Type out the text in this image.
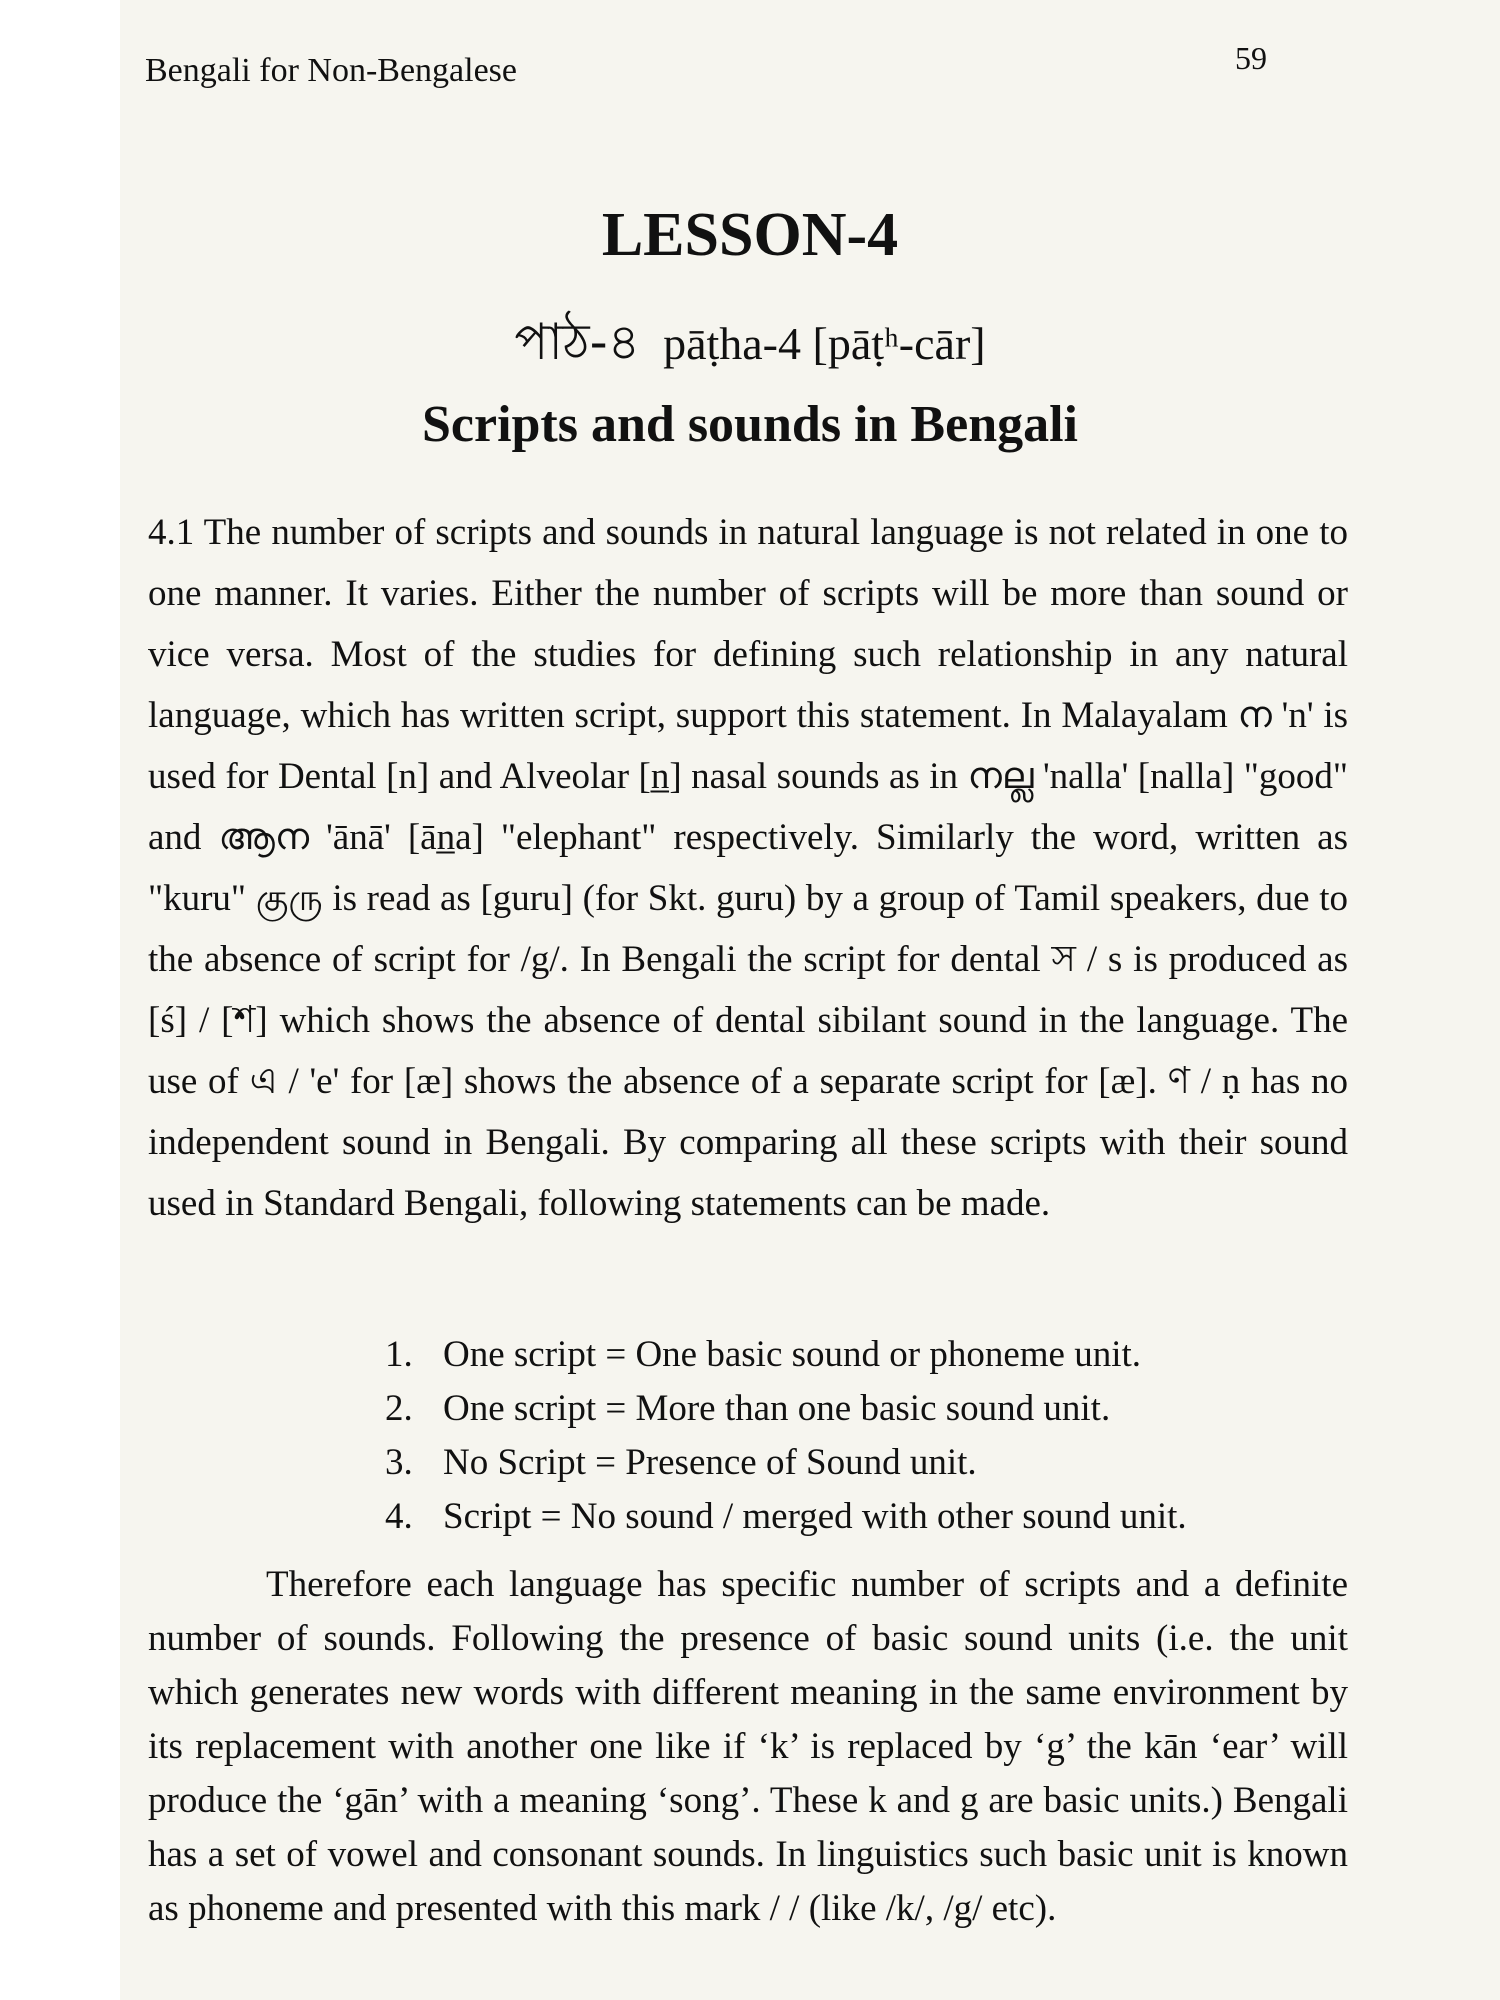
Bengali for Non-Bengalese	59
LESSON-4
পাঠ-৪ pāṭha-4 [pāṭʰ-cār]
Scripts and sounds in Bengali

4.1 The number of scripts and sounds in natural language is not related in one to one manner. It varies. Either the number of scripts will be more than sound or vice versa. Most of the studies for defining such relationship in any natural language, which has written script, support this statement. In Malayalam ന 'n' is used for Dental [n] and Alveolar [n̲] nasal sounds as in നല്ല 'nalla' [nalla] "good" and ആന 'ānā' [ān̲a] "elephant" respectively. Similarly the word, written as "kuru" குரு is read as [guru] (for Skt. guru) by a group of Tamil speakers, due to the absence of script for /g/. In Bengali the script for dental স / s is produced as [ś] / [শ] which shows the absence of dental sibilant sound in the language. The use of এ / 'e' for [æ] shows the absence of a separate script for [æ]. ণ / ṇ has no independent sound in Bengali. By comparing all these scripts with their sound used in Standard Bengali, following statements can be made.

1. One script = One basic sound or phoneme unit.
2. One script = More than one basic sound unit.
3. No Script = Presence of Sound unit.
4. Script = No sound / merged with other sound unit.

Therefore each language has specific number of scripts and a definite number of sounds. Following the presence of basic sound units (i.e. the unit which generates new words with different meaning in the same environment by its replacement with another one like if ‘k’ is replaced by ‘g’ the kān ‘ear’ will produce the ‘gān’ with a meaning ‘song’. These k and g are basic units.) Bengali has a set of vowel and consonant sounds. In linguistics such basic unit is known as phoneme and presented with this mark / / (like /k/, /g/ etc).
